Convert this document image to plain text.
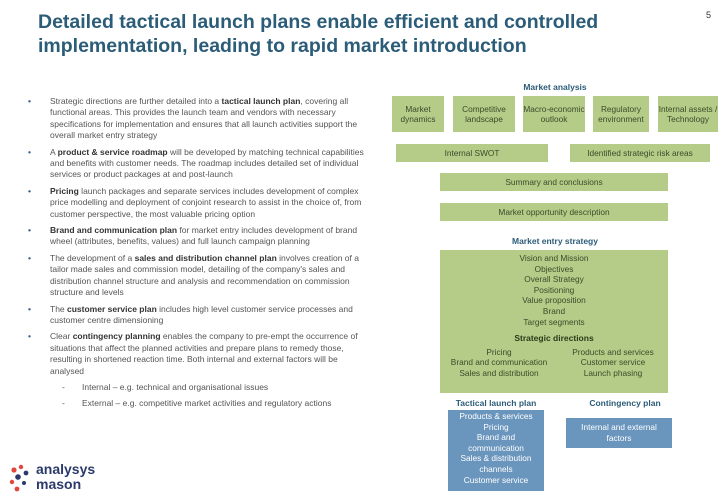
5
Detailed tactical launch plans enable efficient and controlled
implementation, leading to rapid market introduction
• Strategic directions are further detailed into a tactical launch plan, covering all functional areas. This provides the launch team and vendors with necessary specifications for implementation and ensures that all launch activities support the overall market entry strategy
• A product & service roadmap will be developed by matching technical capabilities and benefits with customer needs. The roadmap includes detailed set of individual services or product packages at and post-launch
• Pricing launch packages and separate services includes development of complex price modelling and deployment of conjoint research to assist in the choice of, from customer perspective, the most valuable pricing option
• Brand and communication plan for market entry includes development of brand wheel (attributes, benefits, values) and full launch campaign planning
• The development of a sales and distribution channel plan involves creation of a tailor made sales and commission model, detailing of the company's sales and distribution channel structure and analysis and recommendation on commission structure and levels
• The customer service plan includes high level customer service processes and customer centre dimensioning
• Clear contingency planning enables the company to pre-empt the occurrence of situations that affect the planned activities and prepare plans to remedy those, resulting in shortened reaction time. Both internal and external factors will be analysed
- Internal – e.g. technical and organisational issues
- External – e.g. competitive market activities and regulatory actions
Market analysis
Market dynamics
Competitive landscape
Macro-economic outlook
Regulatory environment
Internal assets / Technology
Internal SWOT	Identified strategic risk areas
Summary and conclusions
Market opportunity description
Market entry strategy
Vision and Mission
Objectives
Overall Strategy
Positioning
Value proposition
Brand
Target segments
Strategic directions
Pricing
Brand and communication
Sales and distribution
Products and services
Customer service
Launch phasing
Tactical launch plan	Contingency plan
Products & services
Pricing
Brand and communication
Sales & distribution channels
Customer service
Internal and external factors
analysys
mason
